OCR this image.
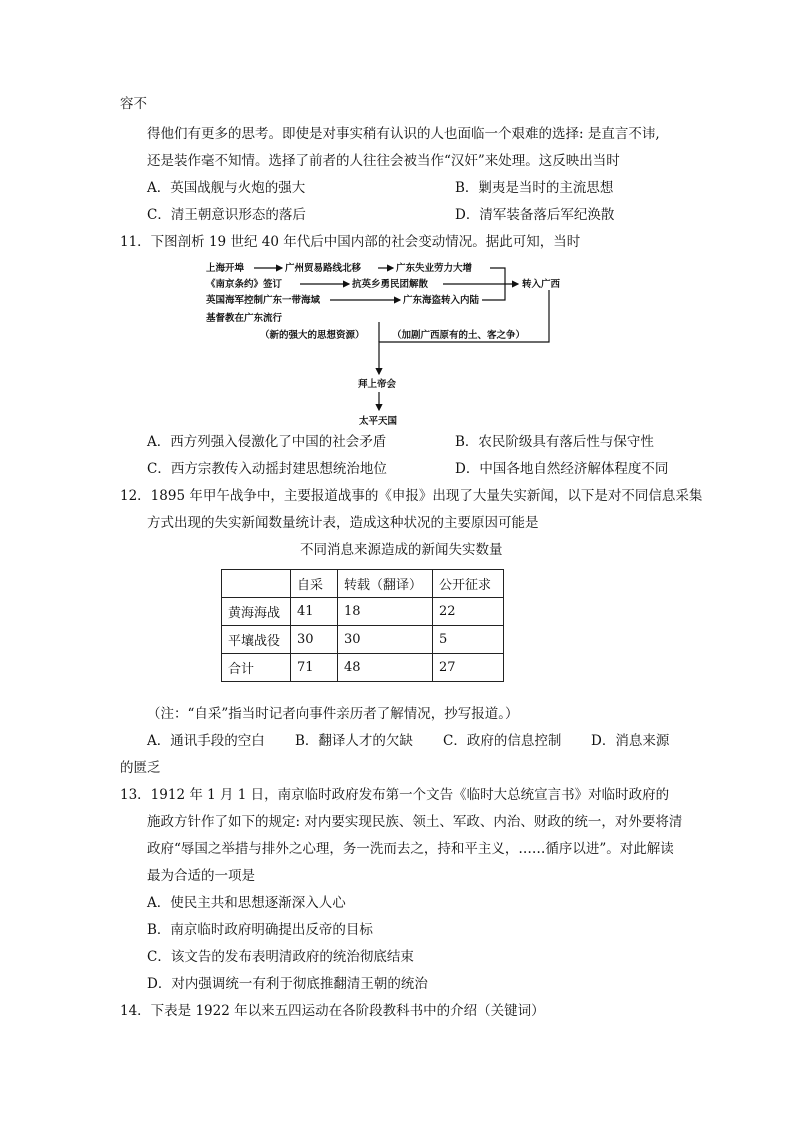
容不
得他们有更多的思考。即使是对事实稍有认识的人也面临一个艰难的选择: 是直言不讳,
还是装作毫不知情。选择了前者的人往往会被当作“汉奸”来处理。这反映出当时
A．英国战舰与火炮的强大	B．剿夷是当时的主流思想
C．清王朝意识形态的落后	D．清军装备落后军纪涣散
11．下图剖析 19 世纪 40 年代后中国内部的社会变动情况。据此可知，当时
上海开埠	广州贸易路线北移	广东失业劳力大增
《南京条约》签订	抗英乡勇民团解散
英国海军控制广东一带海域	广东海盗转入内陆
转入广西
基督教在广东流行
（新的强大的思想资源）	（加剧广西原有的土、客之争）
拜上帝会
太平天国
A．西方列强入侵激化了中国的社会矛盾	B．农民阶级具有落后性与保守性
C．西方宗教传入动摇封建思想统治地位	D．中国各地自然经济解体程度不同
12．1895 年甲午战争中，主要报道战事的《申报》出现了大量失实新闻，以下是对不同信息采集
方式出现的失实新闻数量统计表，造成这种状况的主要原因可能是
不同消息来源造成的新闻失实数量
	自采	转载（翻译）	公开征求
黄海海战	41	18	22
平壤战役	30	30	5
合计	71	48	27
（注：“自采”指当时记者向事件亲历者了解情况，抄写报道。）
A．通讯手段的空白 B．翻译人才的欠缺 C．政府的信息控制 D．消息来源
的匮乏
13．1912 年 1 月 1 日，南京临时政府发布第一个文告《临时大总统宣言书》对临时政府的
施政方针作了如下的规定: 对内要实现民族、领土、军政、内治、财政的统一，对外要将清
政府“辱国之举措与排外之心理，务一洗而去之，持和平主义，……循序以进”。对此解读
最为合适的一项是
A．使民主共和思想逐渐深入人心
B．南京临时政府明确提出反帝的目标
C．该文告的发布表明清政府的统治彻底结束
D．对内强调统一有利于彻底推翻清王朝的统治
14．下表是 1922 年以来五四运动在各阶段教科书中的介绍（关键词）
